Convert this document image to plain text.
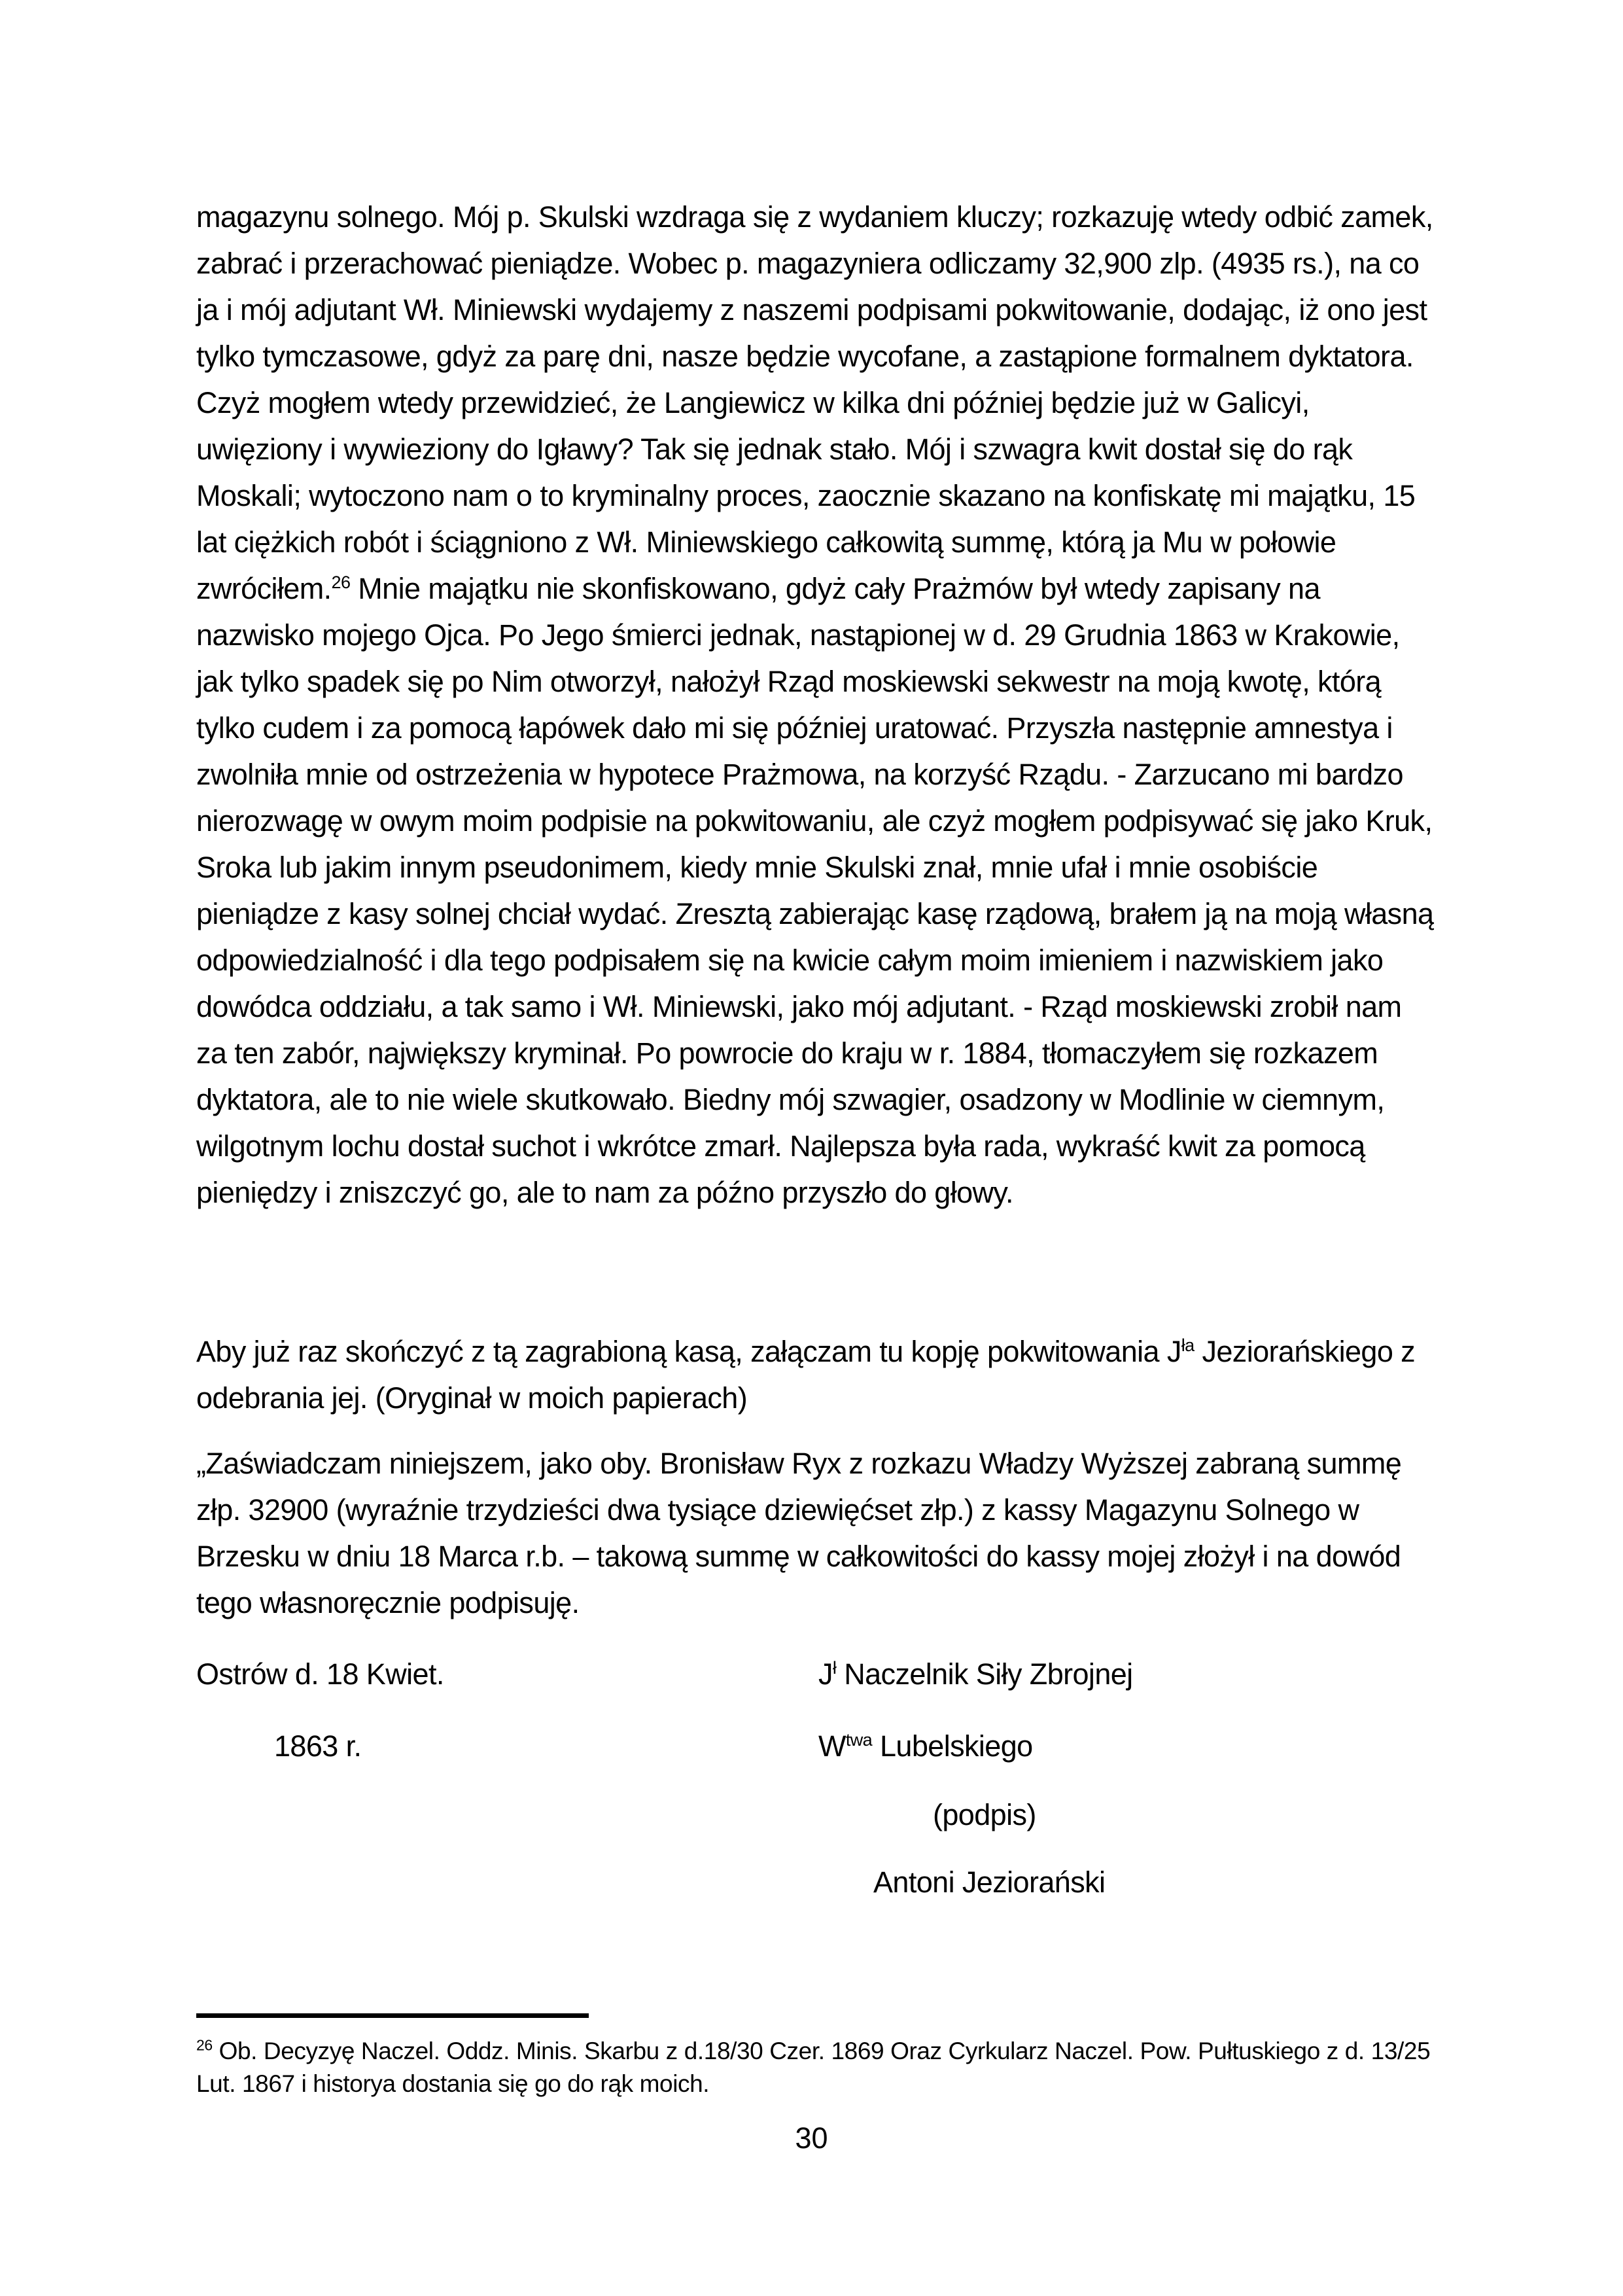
magazynu solnego. Mój p. Skulski wzdraga się z wydaniem kluczy; rozkazuję wtedy odbić zamek, zabrać i przerachować pieniądze. Wobec p. magazyniera odliczamy 32,900 zlp. (4935 rs.), na co ja i mój adjutant Wł. Miniewski wydajemy z naszemi podpisami pokwitowanie, dodając, iż ono jest tylko tymczasowe, gdyż za parę dni, nasze będzie wycofane, a zastąpione formalnem dyktatora. Czyż mogłem wtedy przewidzieć, że Langiewicz w kilka dni później będzie już w Galicyi, uwięziony i wywieziony do Igławy? Tak się jednak stało. Mój i szwagra kwit dostał się do rąk Moskali; wytoczono nam o to kryminalny proces, zaocznie skazano na konfiskatę mi majątku, 15 lat ciężkich robót i ściągniono z Wł. Miniewskiego całkowitą summę, którą ja Mu w połowie zwróciłem.$^{26}$ Mnie majątku nie skonfiskowano, gdyż cały Prażmów był wtedy zapisany na nazwisko mojego Ojca. Po Jego śmierci jednak, nastąpionej w d. 29 Grudnia 1863 w Krakowie, jak tylko spadek się po Nim otworzył, nałożył Rząd moskiewski sekwestr na moją kwotę, którą tylko cudem i za pomocą łapówek dało mi się później uratować. Przyszła następnie amnestya i zwolniła mnie od ostrzeżenia w hypotece Prażmowa, na korzyść Rządu. - Zarzucano mi bardzo nierozwagę w owym moim podpisie na pokwitowaniu, ale czyż mogłem podpisywać się jako Kruk, Sroka lub jakim innym pseudonimem, kiedy mnie Skulski znał, mnie ufał i mnie osobiście pieniądze z kasy solnej chciał wydać. Zresztą zabierając kasę rządową, brałem ją na moją własną odpowiedzialność i dla tego podpisałem się na kwicie całym moim imieniem i nazwiskiem jako dowódca oddziału, a tak samo i Wł. Miniewski, jako mój adjutant. - Rząd moskiewski zrobił nam za ten zabór, największy kryminał. Po powrocie do kraju w r. 1884, tłomaczyłem się rozkazem dyktatora, ale to nie wiele skutkowało. Biedny mój szwagier, osadzony w Modlinie w ciemnym, wilgotnym lochu dostał suchot i wkrótce zmarł. Najlepsza była rada, wykraść kwit za pomocą pieniędzy i zniszczyć go, ale to nam za późno przyszło do głowy.

Aby już raz skończyć z tą zagrabioną kasą, załączam tu kopję pokwitowania $J^{ła}$ Jeziorańskiego z odebrania jej. (Oryginał w moich papierach)

„Zaświadczam niniejszem, jako oby. Bronisław Ryx z rozkazu Władzy Wyższej zabraną summę złp. 32900 (wyraźnie trzydzieści dwa tysiące dziewięćset złp.) z kassy Magazynu Solnego w Brzesku w dniu 18 Marca r.b. – takową summę w całkowitości do kassy mojej złożył i na dowód tego własnoręcznie podpisuję.

Ostrów d. 18 Kwiet.	$J^ł$ Naczelnik Siły Zbrojnej
1863 r.	$W^{twa}$ Lubelskiego
(podpis)
Antoni Jeziorański

$^{26}$ Ob. Decyzyę Naczel. Oddz. Minis. Skarbu z d.18/30 Czer. 1869 Oraz Cyrkularz Naczel. Pow. Pułtuskiego z d. 13/25 Lut. 1867 i historya dostania się go do rąk moich.

30
